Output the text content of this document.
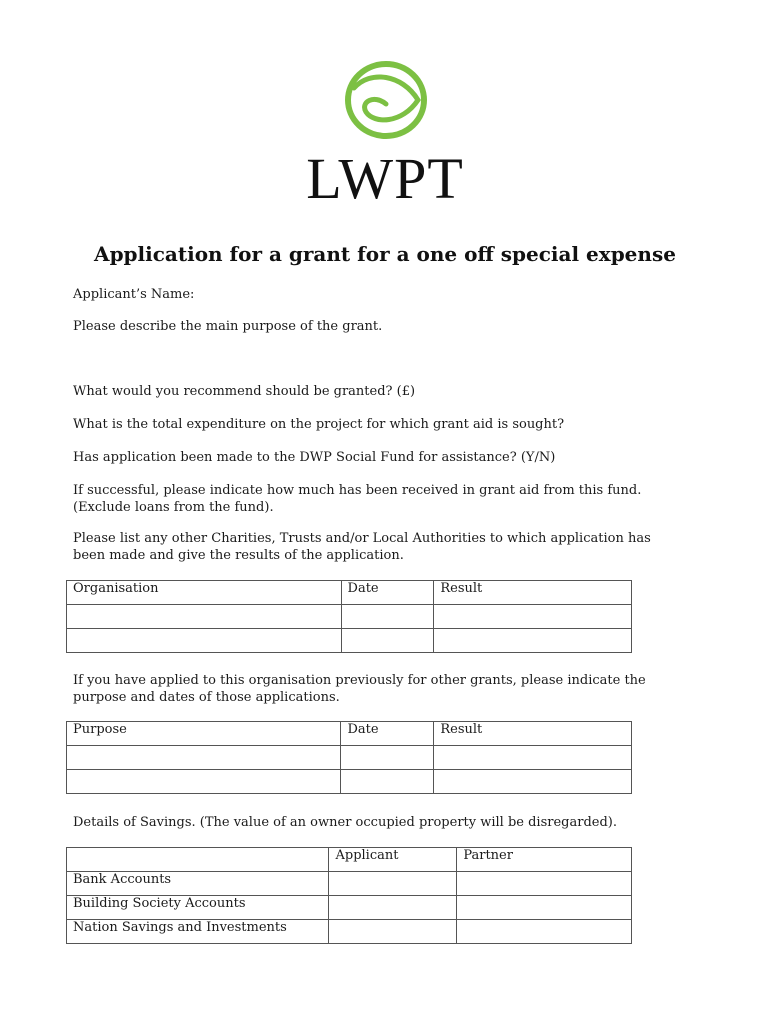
LWPT
Application for a grant for a one off special expense
Applicant’s Name:
Please describe the main purpose of the grant.
What would you recommend should be granted? (£)
What is the total expenditure on the project for which grant aid is sought?
Has application been made to the DWP Social Fund for assistance? (Y/N)
If successful, please indicate how much has been received in grant aid from this fund.
(Exclude loans from the fund).
Please list any other Charities, Trusts and/or Local Authorities to which application has
been made and give the results of the application.
Organisation	Date	Result

If you have applied to this organisation previously for other grants, please indicate the
purpose and dates of those applications.
Purpose	Date	Result

Details of Savings. (The value of an owner occupied property will be disregarded).
	Applicant	Partner
Bank Accounts		
Building Society Accounts		
Nation Savings and Investments		
